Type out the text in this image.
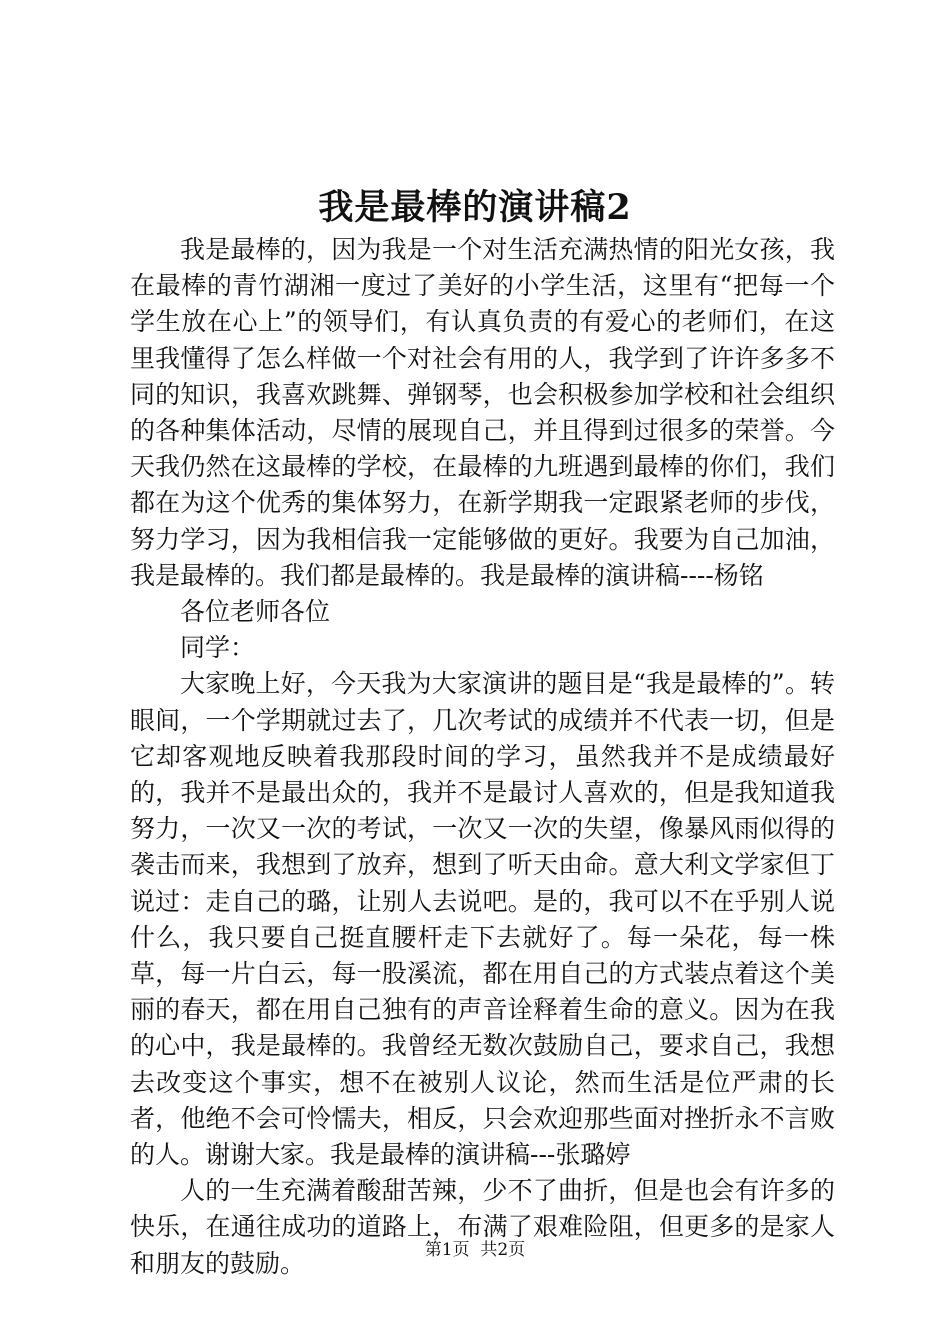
我是最棒的演讲稿2

我是最棒的，因为我是一个对生活充满热情的阳光女孩，我在最棒的青竹湖湘一度过了美好的小学生活，这里有“把每一个学生放在心上”的领导们，有认真负责的有爱心的老师们，在这里我懂得了怎么样做一个对社会有用的人，我学到了许许多多不同的知识，我喜欢跳舞、弹钢琴，也会积极参加学校和社会组织的各种集体活动，尽情的展现自己，并且得到过很多的荣誉。今天我仍然在这最棒的学校，在最棒的九班遇到最棒的你们，我们都在为这个优秀的集体努力，在新学期我一定跟紧老师的步伐，努力学习，因为我相信我一定能够做的更好。我要为自己加油，我是最棒的。我们都是最棒的。我是最棒的演讲稿----杨铭

各位老师各位

同学：

大家晚上好，今天我为大家演讲的题目是“我是最棒的”。转眼间，一个学期就过去了，几次考试的成绩并不代表一切，但是它却客观地反映着我那段时间的学习，虽然我并不是成绩最好的，我并不是最出众的，我并不是最讨人喜欢的，但是我知道我努力，一次又一次的考试，一次又一次的失望，像暴风雨似得的袭击而来，我想到了放弃，想到了听天由命。意大利文学家但丁说过：走自己的璐，让别人去说吧。是的，我可以不在乎别人说什么，我只要自己挺直腰杆走下去就好了。每一朵花，每一株草，每一片白云，每一股溪流，都在用自己的方式装点着这个美丽的春天，都在用自己独有的声音诠释着生命的意义。因为在我的心中，我是最棒的。我曾经无数次鼓励自己，要求自己，我想去改变这个事实，想不在被别人议论，然而生活是位严肃的长者，他绝不会可怜懦夫，相反，只会欢迎那些面对挫折永不言败的人。谢谢大家。我是最棒的演讲稿---张璐婷

人的一生充满着酸甜苦辣，少不了曲折，但是也会有许多的快乐，在通往成功的道路上，布满了艰难险阻，但更多的是家人和朋友的鼓励。	第1页 共2页
